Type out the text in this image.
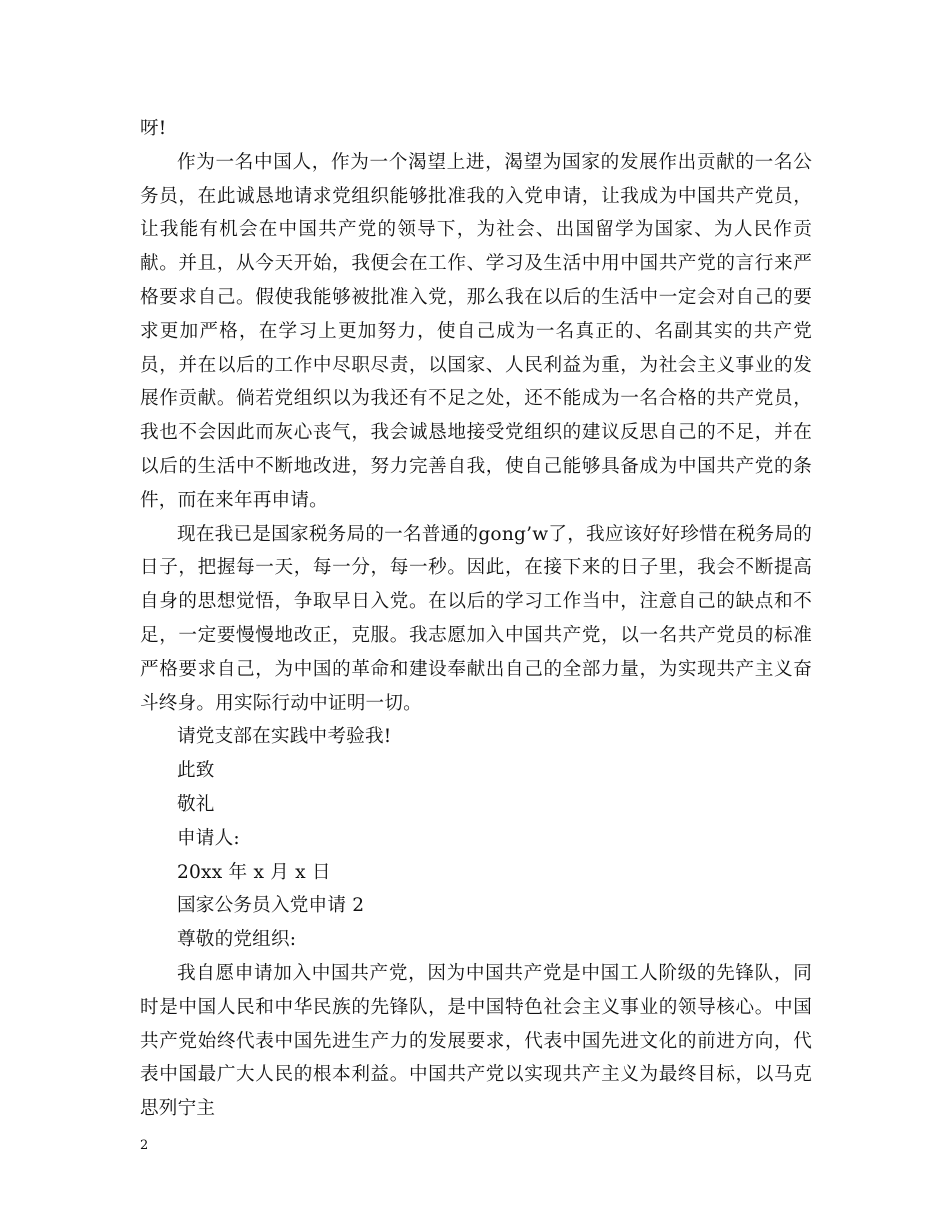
呀!

作为一名中国人，作为一个渴望上进，渴望为国家的发展作出贡献的一名公务员，在此诚恳地请求党组织能够批准我的入党申请，让我成为中国共产党员，让我能有机会在中国共产党的领导下，为社会、出国留学为国家、为人民作贡献。并且，从今天开始，我便会在工作、学习及生活中用中国共产党的言行来严格要求自己。假使我能够被批准入党，那么我在以后的生活中一定会对自己的要求更加严格，在学习上更加努力，使自己成为一名真正的、名副其实的共产党员，并在以后的工作中尽职尽责，以国家、人民利益为重，为社会主义事业的发展作贡献。倘若党组织以为我还有不足之处，还不能成为一名合格的共产党员，我也不会因此而灰心丧气，我会诚恳地接受党组织的建议反思自己的不足，并在以后的生活中不断地改进，努力完善自我，使自己能够具备成为中国共产党的条件，而在来年再申请。

现在我已是国家税务局的一名普通的gong’w了，我应该好好珍惜在税务局的日子，把握每一天，每一分，每一秒。因此，在接下来的日子里，我会不断提高自身的思想觉悟，争取早日入党。在以后的学习工作当中，注意自己的缺点和不足，一定要慢慢地改正，克服。我志愿加入中国共产党，以一名共产党员的标准严格要求自己，为中国的革命和建设奉献出自己的全部力量，为实现共产主义奋斗终身。用实际行动中证明一切。

请党支部在实践中考验我!

此致

敬礼

申请人:

20xx 年 x 月 x 日

国家公务员入党申请 2

尊敬的党组织:

我自愿申请加入中国共产党，因为中国共产党是中国工人阶级的先锋队，同时是中国人民和中华民族的先锋队，是中国特色社会主义事业的领导核心。中国共产党始终代表中国先进生产力的发展要求，代表中国先进文化的前进方向，代表中国最广大人民的根本利益。中国共产党以实现共产主义为最终目标，以马克思列宁主

2
